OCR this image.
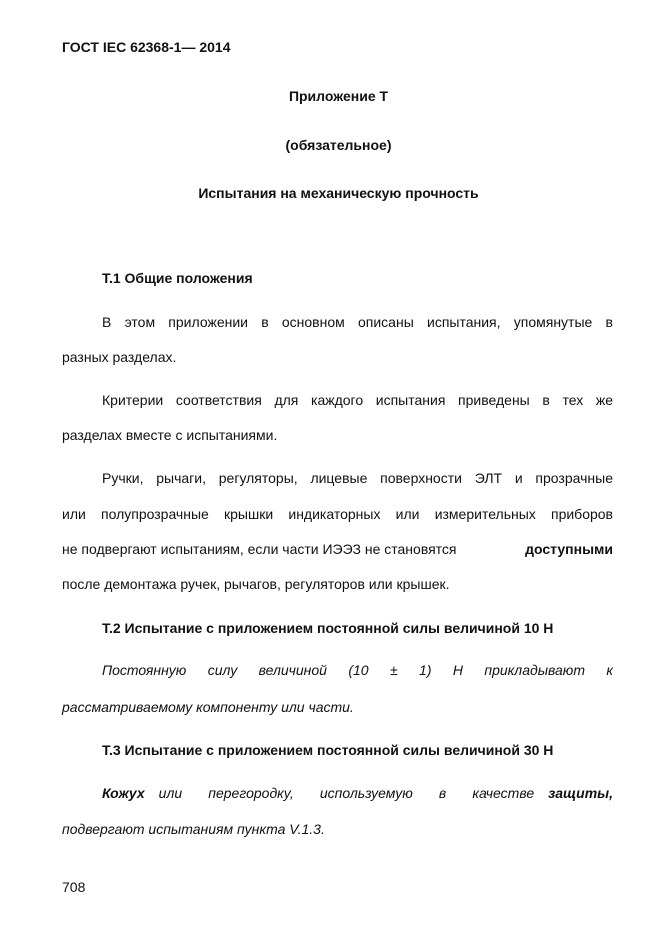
ГОСТ IEC 62368-1— 2014
Приложение Т
(обязательное)
Испытания на механическую прочность
Т.1 Общие положения
В этом приложении в основном описаны испытания, упомянутые в
разных разделах.
Критерии соответствия для каждого испытания приведены в тех же
разделах вместе с испытаниями.
Ручки, рычаги, регуляторы, лицевые поверхности ЭЛТ и прозрачные
или полупрозрачные крышки индикаторных или измерительных приборов
не подвергают испытаниям, если части ИЭЭЗ не становятся	доступными
после демонтажа ручек, рычагов, регуляторов или крышек.
Т.2 Испытание с приложением постоянной силы величиной 10 Н
Постоянную силу величиной (10 ± 1) Н прикладывают к
рассматриваемому компоненту или части.
Т.3 Испытание с приложением постоянной силы величиной 30 Н
Кожух или перегородку, используемую в качестве защиты,
подвергают испытаниям пункта V.1.3.
708
